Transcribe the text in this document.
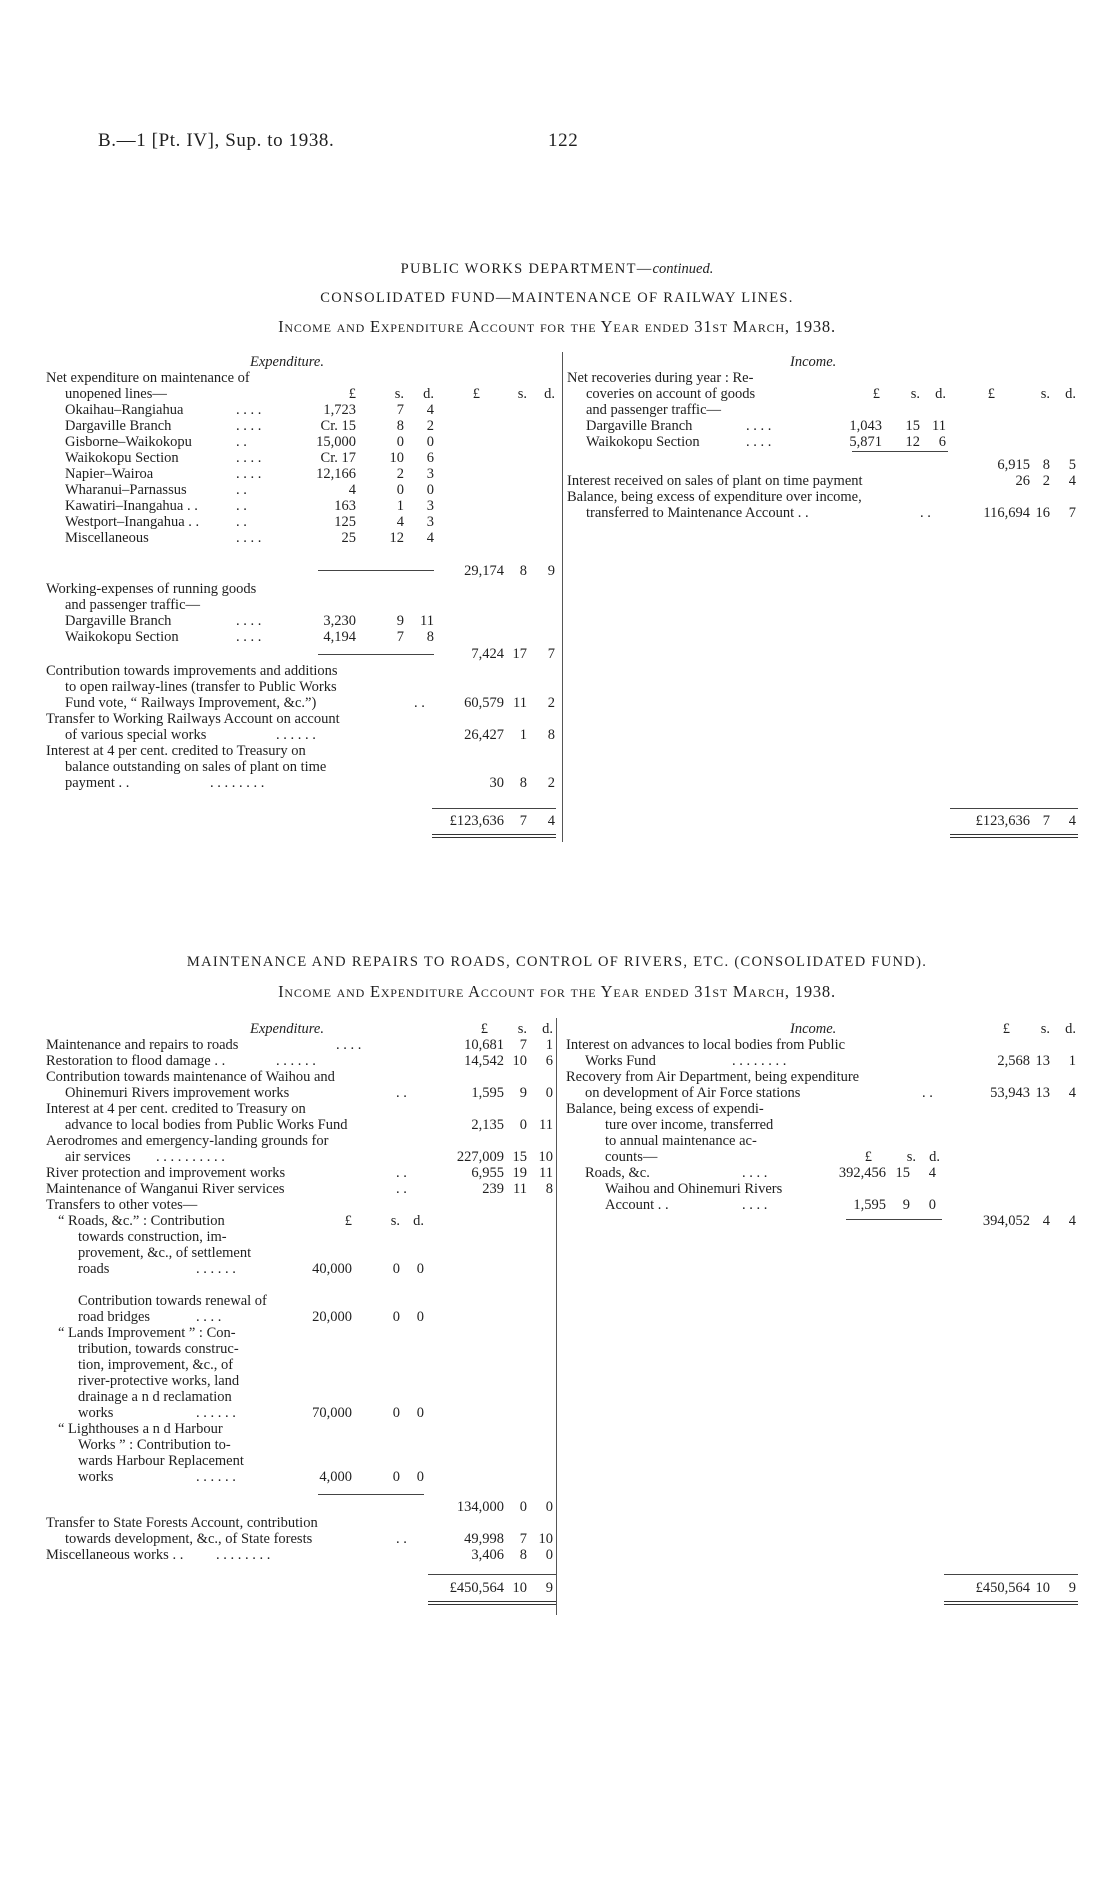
B.—1 [Pt. IV], Sup. to 1938.	122
PUBLIC WORKS DEPARTMENT—continued.
CONSOLIDATED FUND—MAINTENANCE OF RAILWAY LINES.
Income and Expenditure Account for the Year ended 31st March, 1938.
Expenditure.
Net expenditure on maintenance of
unopened lines—	£	s.	d.	£	s.	d.
Okaihau–Rangiahua	. . . .	1,723	7	4
Dargaville Branch	. . . .	Cr. 15	8	2
Gisborne–Waikokopu	. .	15,000	0	0
Waikokopu Section	. . . .	Cr. 17	10	6
Napier–Wairoa	. . . .	12,166	2	3
Wharanui–Parnassus	. .	4	0	0
Kawatiri–Inangahua . .	. .	163	1	3
Westport–Inangahua . .	. .	125	4	3
Miscellaneous	. . . .	25	12	4
29,174	8	9
Working-expenses of running goods
and passenger traffic—
Dargaville Branch	. . . .	3,230	9	11
Waikokopu Section	. . . .	4,194	7	8
7,424 17	7
Contribution towards improvements and additions
to open railway-lines (transfer to Public Works
Fund vote, “ Railways Improvement, &c.”)	. .	60,579 11	2
Transfer to Working Railways Account on account
of various special works	. . . . . .	26,427	1	8
Interest at 4 per cent. credited to Treasury on
balance outstanding on sales of plant on time
payment . .	. . . . . . . .	30	8	2
£123,636	7	4
Income.
Net recoveries during year : Re-
coveries on account of goods
and passenger traffic—
£	s.	d.	£	s.	d.
Dargaville Branch	. . . .	1,043	15 11
Waikokopu Section	. . . .	5,871	12	6
6,915 8	5
Interest received on sales of plant on time payment	26 2	4
Balance, being excess of expenditure over income,
transferred to Maintenance Account . .	. .	116,694 16	7
£123,636 7	4
MAINTENANCE AND REPAIRS TO ROADS, CONTROL OF RIVERS, ETC. (CONSOLIDATED FUND).
Income and Expenditure Account for the Year ended 31st March, 1938.
Expenditure.	£	s.	d.
Maintenance and repairs to roads	. . . .	10,681	7	1
Restoration to flood damage . .	. . . . . .	14,542 10	6
Contribution towards maintenance of Waihou and
Ohinemuri Rivers improvement works	. .	1,595	9	0
Interest at 4 per cent. credited to Treasury on
advance to local bodies from Public Works Fund	2,135	0 11
Aerodromes and emergency-landing grounds for
air services . . . . . . . . . .	227,009 15 10
River protection and improvement works	. .	6,955 19 11
Maintenance of Wanganui River services	. .	239 11	8
Transfers to other votes—
£	s. d.
“ Roads, &c.” : Contribution
towards construction, im-
provement, &c., of settlement
roads	. . . . . .	40,000	0	0
Contribution towards renewal of
road bridges	. . . .	20,000	0	0
“ Lands Improvement ” : Con-
tribution, towards construc-
tion, improvement, &c., of
river-protective works, land
drainage a n d reclamation
works	. . . . . .	70,000	0	0
“ Lighthouses a n d Harbour
Works ” : Contribution to-
wards Harbour Replacement
works	. . . . . .	4,000	0	0
134,000	0	0
Transfer to State Forests Account, contribution
towards development, &c., of State forests	. .	49,998	7 10
Miscellaneous works . . . . . . . . . .	3,406	8	0
£450,564 10	9
Income.	£	s.	d.
Interest on advances to local bodies from Public
Works Fund	. . . . . . . .	2,568 13	1
Recovery from Air Department, being expenditure
on development of Air Force stations	. .	53,943 13	4
Balance, being excess of expendi-
ture over income, transferred
to annual maintenance ac-
counts—	£	s. d.
Roads, &c.	. . . .	392,456 15	4
Waihou and Ohinemuri Rivers
Account . .	. . . .	1,595	9	0
394,052 4	4
£450,564 10	9
